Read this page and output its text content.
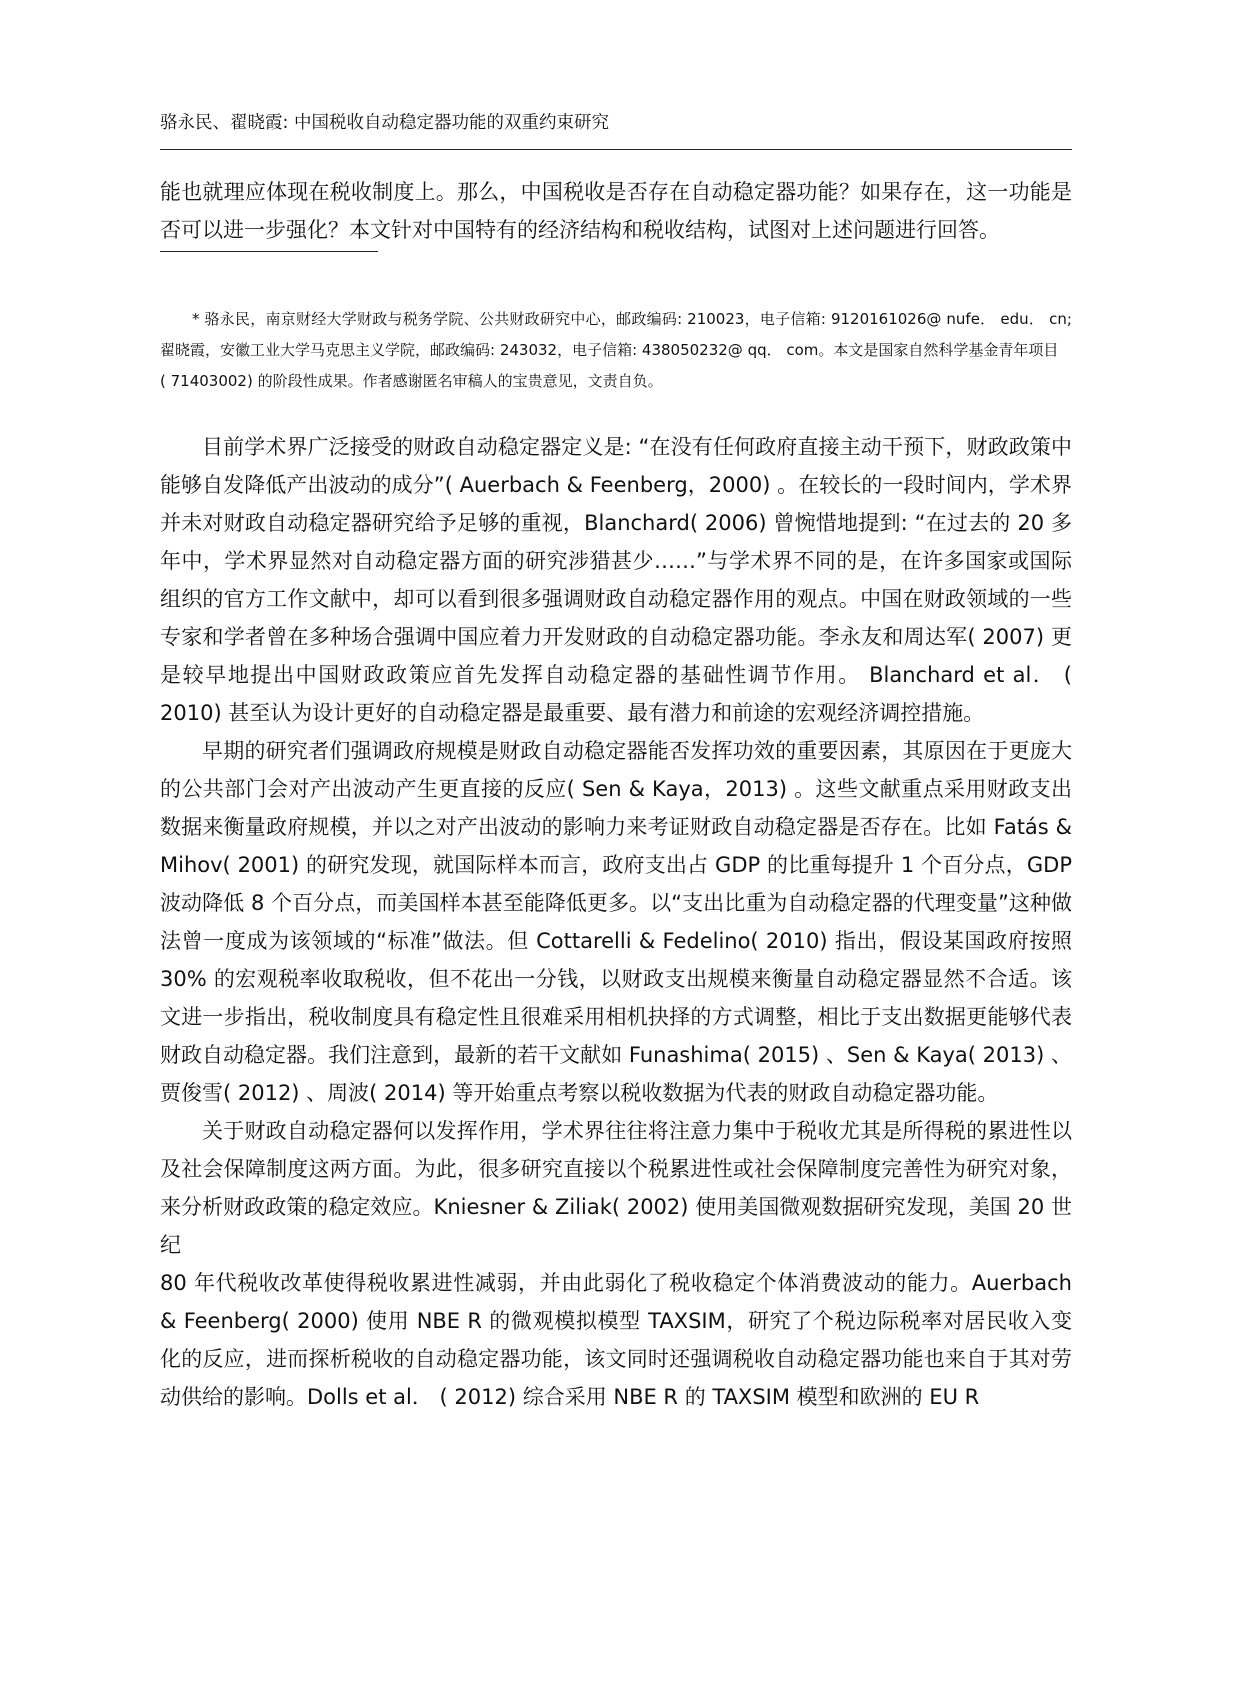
骆永民、翟晓霞: 中国税收自动稳定器功能的双重约束研究

能也就理应体现在税收制度上。那么，中国税收是否存在自动稳定器功能？如果存在，这一功能是否可以进一步强化？本文针对中国特有的经济结构和税收结构，试图对上述问题进行回答。

* 骆永民，南京财经大学财政与税务学院、公共财政研究中心，邮政编码: 210023，电子信箱: 9120161026@ nufe． edu． cn; 翟晓霞，安徽工业大学马克思主义学院，邮政编码: 243032，电子信箱: 438050232@ qq． com。本文是国家自然科学基金青年项目

( 71403002) 的阶段性成果。作者感谢匿名审稿人的宝贵意见，文责自负。

目前学术界广泛接受的财政自动稳定器定义是: “在没有任何政府直接主动干预下，财政政策中能够自发降低产出波动的成分”( Auerbach & Feenberg，2000) 。在较长的一段时间内，学术界并未对财政自动稳定器研究给予足够的重视，Blanchard( 2006) 曾惋惜地提到: “在过去的 20 多年中，学术界显然对自动稳定器方面的研究涉猎甚少……”与学术界不同的是，在许多国家或国际组织的官方工作文献中，却可以看到很多强调财政自动稳定器作用的观点。中国在财政领域的一些专家和学者曾在多种场合强调中国应着力开发财政的自动稳定器功能。李永友和周达军( 2007) 更是较早地提出中国财政政策应首先发挥自动稳定器的基础性调节作用。 Blanchard et al． ( 2010) 甚至认为设计更好的自动稳定器是最重要、最有潜力和前途的宏观经济调控措施。

早期的研究者们强调政府规模是财政自动稳定器能否发挥功效的重要因素，其原因在于更庞大的公共部门会对产出波动产生更直接的反应( Sen & Kaya，2013) 。这些文献重点采用财政支出数据来衡量政府规模，并以之对产出波动的影响力来考证财政自动稳定器是否存在。比如 Fatás & Mihov( 2001) 的研究发现，就国际样本而言，政府支出占 GDP 的比重每提升 1 个百分点，GDP 波动降低 8 个百分点，而美国样本甚至能降低更多。以“支出比重为自动稳定器的代理变量”这种做法曾一度成为该领域的“标准”做法。但 Cottarelli & Fedelino( 2010) 指出，假设某国政府按照 30% 的宏观税率收取税收，但不花出一分钱，以财政支出规模来衡量自动稳定器显然不合适。该文进一步指出，税收制度具有稳定性且很难采用相机抉择的方式调整，相比于支出数据更能够代表财政自动稳定器。我们注意到，最新的若干文献如 Funashima( 2015) 、Sen & Kaya( 2013) 、贾俊雪( 2012) 、周波( 2014) 等开始重点考察以税收数据为代表的财政自动稳定器功能。

关于财政自动稳定器何以发挥作用，学术界往往将注意力集中于税收尤其是所得税的累进性以及社会保障制度这两方面。为此，很多研究直接以个税累进性或社会保障制度完善性为研究对象，来分析财政政策的稳定效应。Kniesner & Ziliak( 2002) 使用美国微观数据研究发现，美国 20 世纪

80 年代税收改革使得税收累进性减弱，并由此弱化了税收稳定个体消费波动的能力。Auerbach & Feenberg( 2000) 使用 NBE R 的微观模拟模型 TAXSIM，研究了个税边际税率对居民收入变化的反应，进而探析税收的自动稳定器功能，该文同时还强调税收自动稳定器功能也来自于其对劳动供给的影响。Dolls et al． ( 2012) 综合采用 NBE R 的 TAXSIM 模型和欧洲的 EU R
